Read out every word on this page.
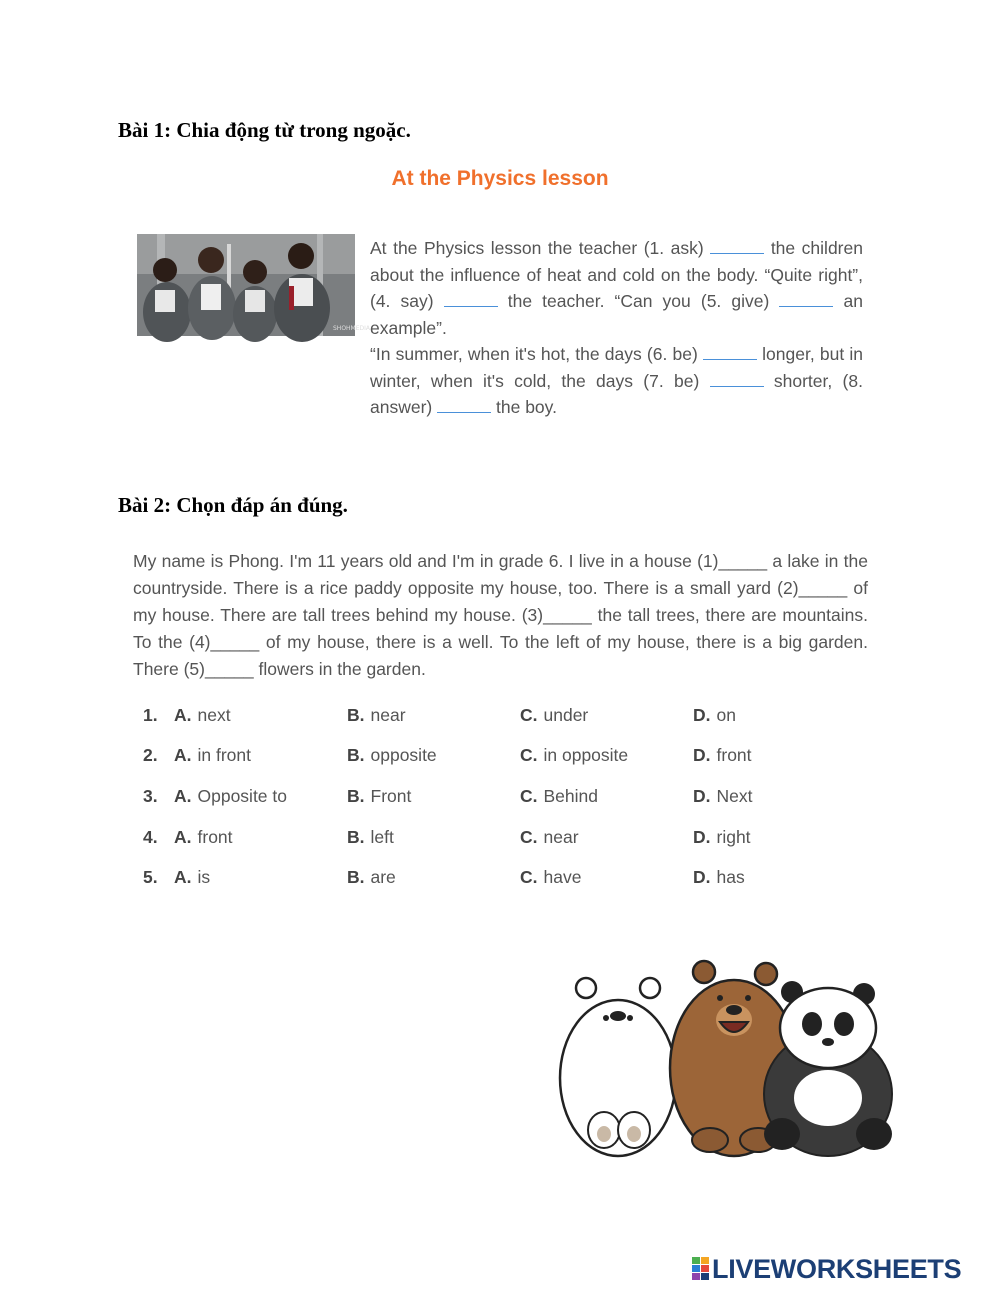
Bài 1: Chia động từ trong ngoặc.
At the Physics lesson
SHOHMEDIA

At the Physics lesson the teacher (1. ask)	the children about the influence of heat and cold on the body. “Quite right”, (4. say)	the teacher. “Can you (5. give)	an example”.

“In summer, when it's hot, the days (6. be)	longer, but in winter, when it's cold, the days (7. be)	shorter, (8. answer)	the boy.

Bài 2: Chọn đáp án đúng.

My name is Phong. I'm 11 years old and I'm in grade 6. I live in a house (1)_____ a lake in the countryside. There is a rice paddy opposite my house, too. There is a small yard (2)_____ of my house. There are tall trees behind my house. (3)_____ the tall trees, there are mountains. To the (4)_____ of my house, there is a well. To the left of my house, there is a big garden. There (5)_____ flowers in the garden.

1. A. next	B. near	C. under	D. on
2. A. in front	B. opposite	C. in opposite	D. front
3. A. Opposite to	B. Front	C. Behind	D. Next
4. A. front	B. left	C. near	D. right
5. A. is	B. are	C. have	D. has
LIVEWORKSHEETS
